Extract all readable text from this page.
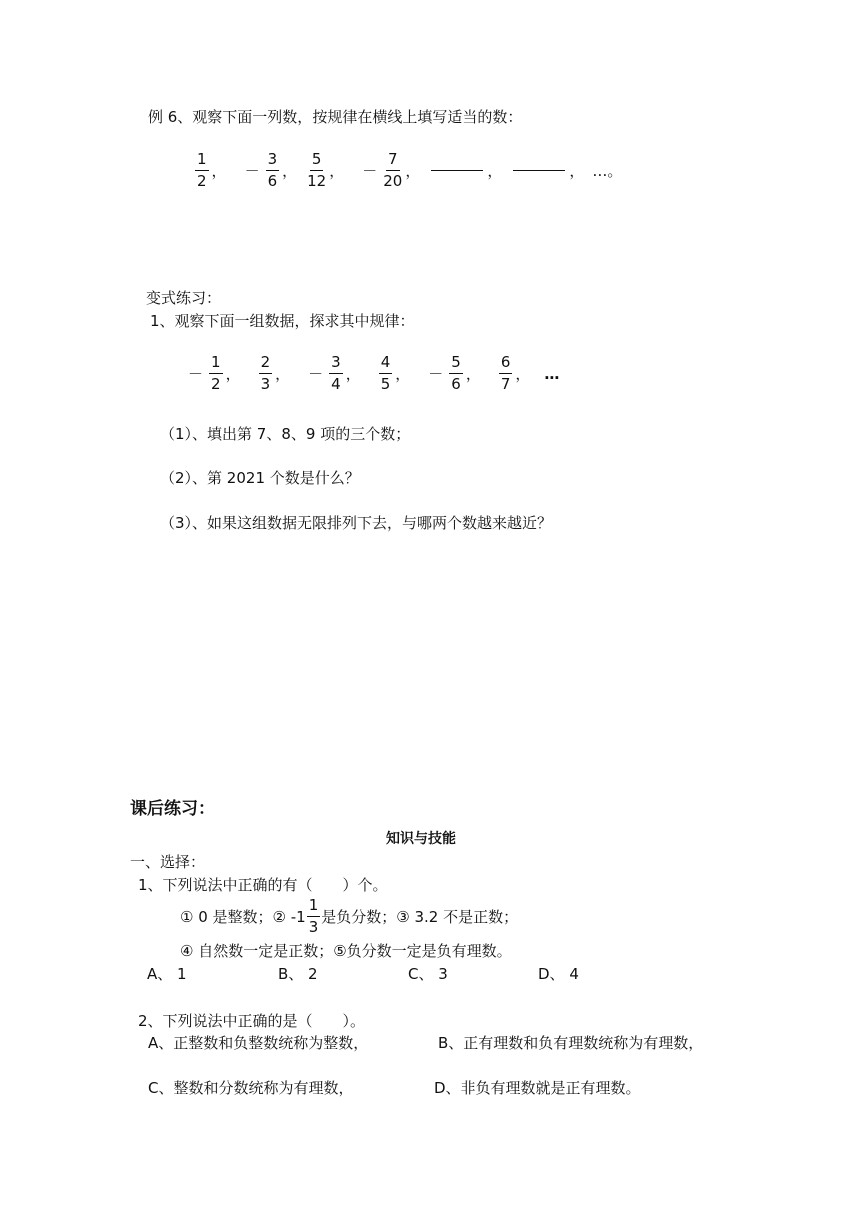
例 6、观察下面一列数，按规律在横线上填写适当的数：
$\frac{1}{2}$ ， － $\frac{3}{6}$ ， $\frac{5}{12}$ ， － $\frac{7}{20}$ ，	，	， …。
变式练习：
1、观察下面一组数据，探求其中规律：
－ $\frac{1}{2}$ ， $\frac{2}{3}$ ， － $\frac{3}{4}$ ， $\frac{4}{5}$ ， － $\frac{5}{6}$ ， $\frac{6}{7}$ ， …
（1）、填出第 7、8、9 项的三个数；
（2）、第 2021 个数是什么？
（3）、如果这组数据无限排列下去，与哪两个数越来越近？
课后练习：
知识与技能
一、选择：
1、下列说法中正确的有（　　）个。
① 0 是整数；② $-1 \frac{1}{3}$ 是负分数；③ 3.2 不是正数；
④ 自然数一定是正数；⑤负分数一定是负有理数。
A、 1	B、 2	C、 3	D、 4
2、下列说法中正确的是（　　）。
A、正整数和负整数统称为整数，	B、正有理数和负有理数统称为有理数，
C、整数和分数统称为有理数，	D、非负有理数就是正有理数。
